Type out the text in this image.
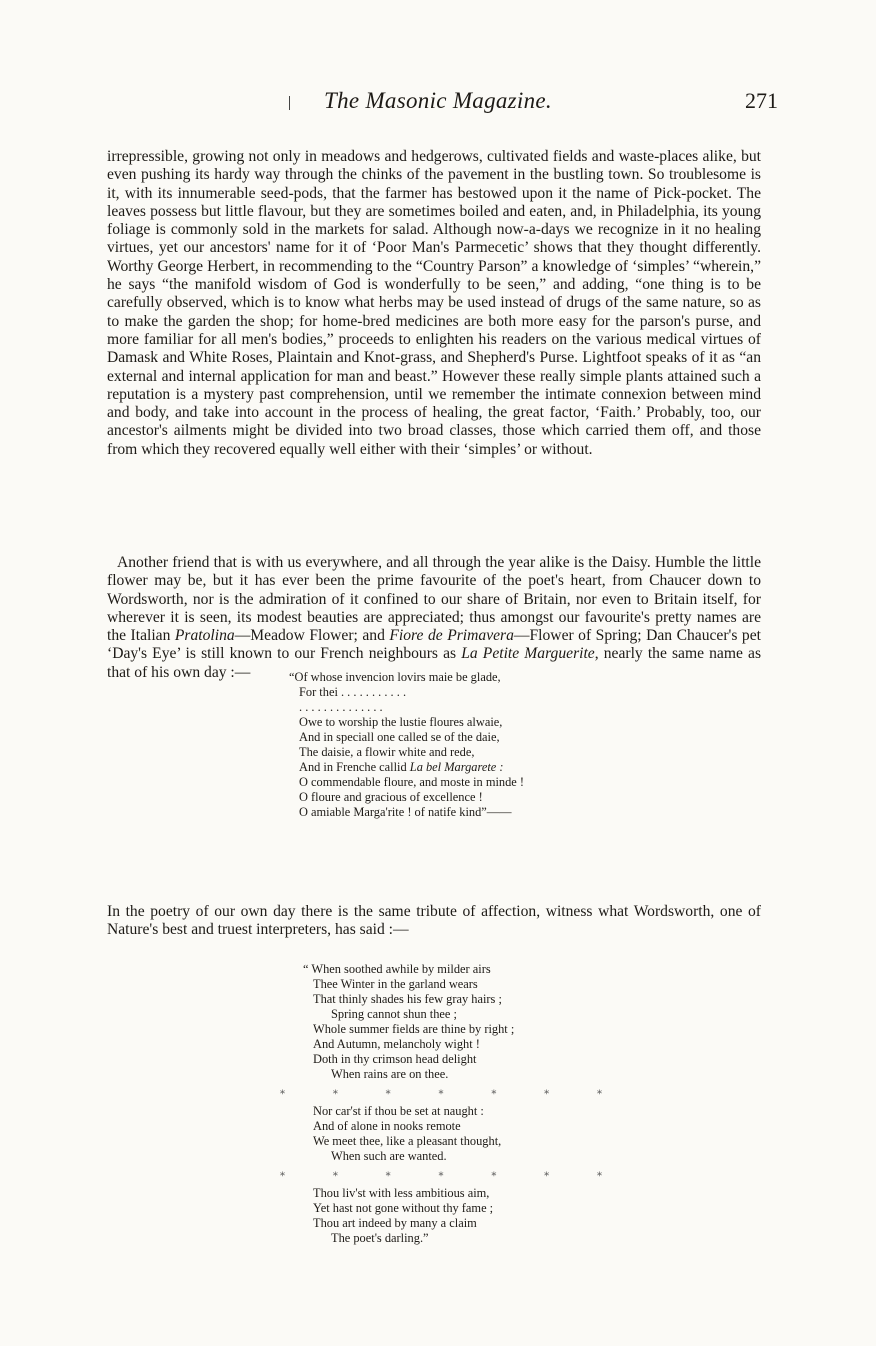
The Masonic Magazine.	271

irrepressible, growing not only in meadows and hedgerows, cultivated fields and waste-places alike, but even pushing its hardy way through the chinks of the pavement in the bustling town. So troublesome is it, with its innumerable seed-pods, that the farmer has bestowed upon it the name of Pick-pocket. The leaves possess but little flavour, but they are sometimes boiled and eaten, and, in Philadelphia, its young foliage is commonly sold in the markets for salad. Although now-a-days we recognize in it no healing virtues, yet our ancestors' name for it of ‘Poor Man's Parmecetic’ shows that they thought differently. Worthy George Herbert, in recommending to the “Country Parson” a knowledge of ‘simples’ “wherein,” he says “the manifold wisdom of God is wonderfully to be seen,” and adding, “one thing is to be carefully observed, which is to know what herbs may be used instead of drugs of the same nature, so as to make the garden the shop; for home-bred medicines are both more easy for the parson's purse, and more familiar for all men's bodies,” proceeds to enlighten his readers on the various medical virtues of Damask and White Roses, Plaintain and Knot-grass, and Shepherd's Purse. Lightfoot speaks of it as “an external and internal application for man and beast.” However these really simple plants attained such a reputation is a mystery past comprehension, until we remember the intimate connexion between mind and body, and take into account in the process of healing, the great factor, ‘Faith.’ Probably, too, our ancestor's ailments might be divided into two broad classes, those which carried them off, and those from which they recovered equally well either with their ‘simples’ or without.

Another friend that is with us everywhere, and all through the year alike is the Daisy. Humble the little flower may be, but it has ever been the prime favourite of the poet's heart, from Chaucer down to Wordsworth, nor is the admiration of it confined to our share of Britain, nor even to Britain itself, for wherever it is seen, its modest beauties are appreciated; thus amongst our favourite's pretty names are the Italian Pratolina—Meadow Flower; and Fiore de Primavera—Flower of Spring; Dan Chaucer's pet ‘Day's Eye’ is still known to our French neighbours as La Petite Marguerite, nearly the same name as that of his own day :—	“Of whose invencion lovirs maie be glade,
For thei . . . . . . . . . . .
. . . . . . . . . . . . . .
Owe to worship the lustie floures alwaie,
And in speciall one called se of the daie,
The daisie, a flowir white and rede,
And in Frenche callid La bel Margarete :
O commendable floure, and moste in minde !
O floure and gracious of excellence !
O amiable Marga'rite ! of natife kind”——

In the poetry of our own day there is the same tribute of affection, witness what Wordsworth, one of Nature's best and truest interpreters, has said :—

“ When soothed awhile by milder airs
Thee Winter in the garland wears
That thinly shades his few gray hairs ;
Spring cannot shun thee ;
Whole summer fields are thine by right ;
And Autumn, melancholy wight !
Doth in thy crimson head delight
When rains are on thee.
Nor car'st if thou be set at naught :
And of alone in nooks remote
We meet thee, like a pleasant thought,
When such are wanted.
Thou liv'st with less ambitious aim,
Yet hast not gone without thy fame ;
Thou art indeed by many a claim
The poet's darling.”
*	*	*	*	*	*	*
*	*	*	*	*	*	*
